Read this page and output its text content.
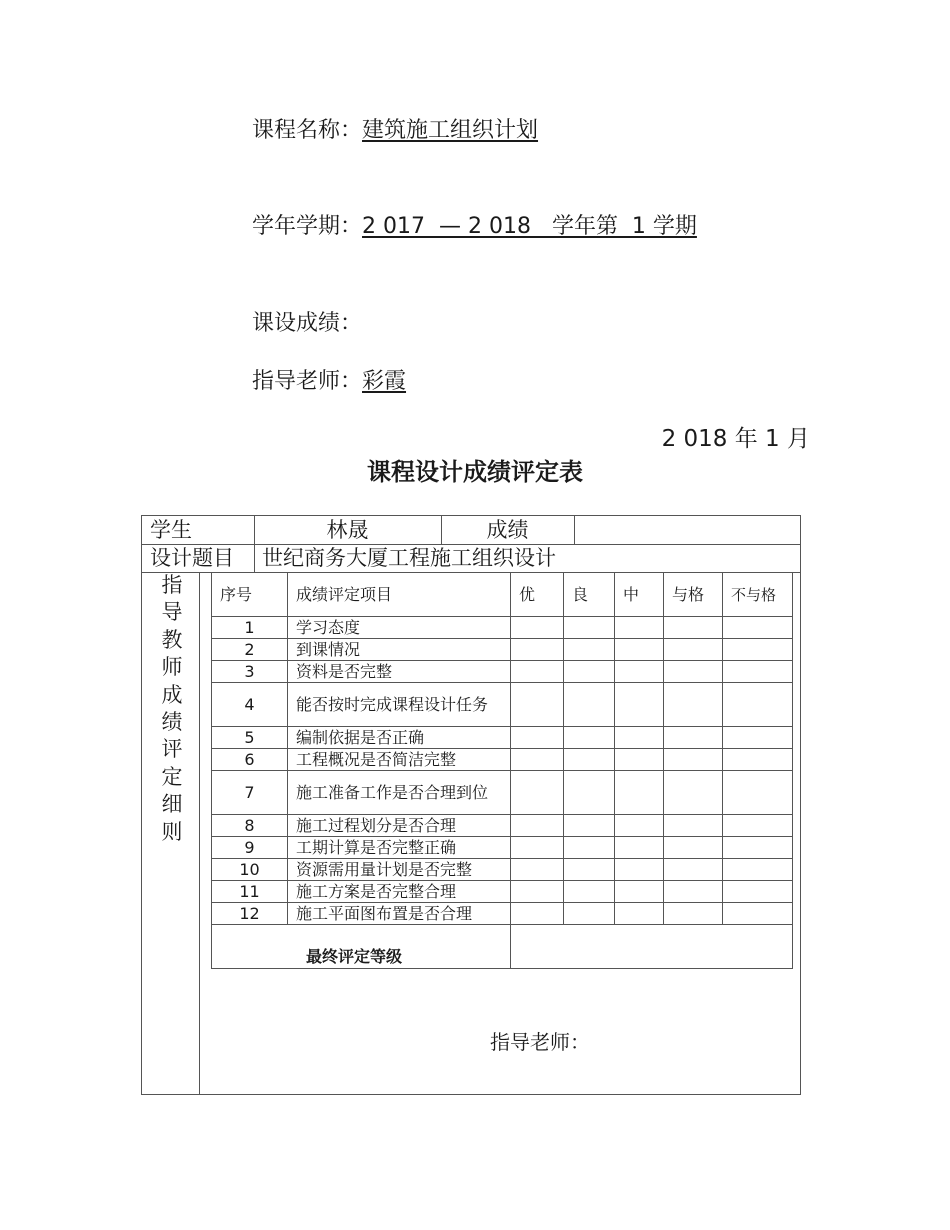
课程名称：建筑施工组织计划
学年学期：2 017  — 2 018   学年第  1 学期
课设成绩：
指导老师：彩霞
2 018 年 1 月
课程设计成绩评定表
学生	林晟	成绩
设计题目 世纪商务大厦工程施工组织设计
指
导
教
师
成
绩
评
定
细
则
序号	成绩评定项目	优	良	中	与格	不与格
1	学习态度					
2	到课情况					
3	资料是否完整					
4	能否按时完成课程设计任务					
5	编制依据是否正确					
6	工程概况是否简洁完整					
7	施工准备工作是否合理到位					
8	施工过程划分是否合理					
9	工期计算是否完整正确					
10	资源需用量计划是否完整					
11	施工方案是否完整合理					
12	施工平面图布置是否合理					
最终评定等级						
指导老师：
